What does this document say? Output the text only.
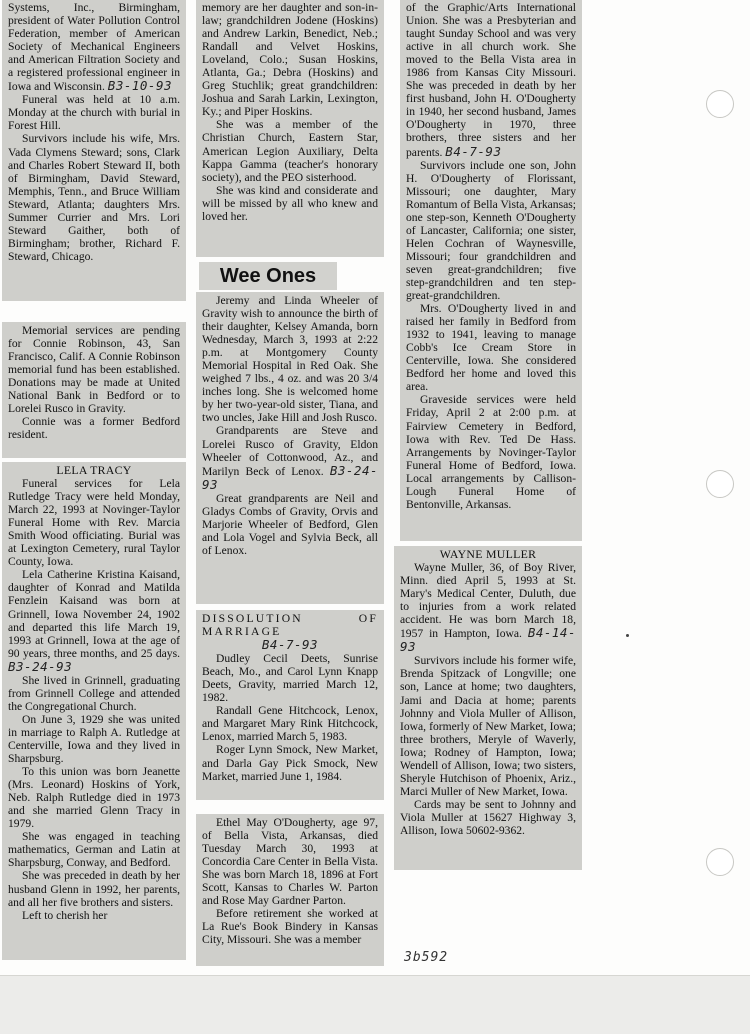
Systems, Inc., Birmingham, president of Water Pollution Control Federation, member of American Society of Mechanical Engineers and American Filtration Society and a registered professional engineer in Iowa and Wisconsin. B3-10-93

Funeral was held at 10 a.m. Monday at the church with burial in Forest Hill.

Survivors include his wife, Mrs. Vada Clymens Steward; sons, Clark and Charles Robert Steward II, both of Birmingham, David Steward, Memphis, Tenn., and Bruce William Steward, Atlanta; daughters Mrs. Summer Currier and Mrs. Lori Steward Gaither, both of Birmingham; brother, Richard F. Steward, Chicago.

Memorial services are pending for Connie Robinson, 43, San Francisco, Calif. A Connie Robinson memorial fund has been established. Donations may be made at United National Bank in Bedford or to Lorelei Rusco in Gravity.

Connie was a former Bedford resident.

LELA TRACY

Funeral services for Lela Rutledge Tracy were held Monday, March 22, 1993 at Novinger-Taylor Funeral Home with Rev. Marcia Smith Wood officiating. Burial was at Lexington Cemetery, rural Taylor County, Iowa.

Lela Catherine Kristina Kaisand, daughter of Konrad and Matilda Fenzlein Kaisand was born at Grinnell, Iowa November 24, 1902 and departed this life March 19, 1993 at Grinnell, Iowa at the age of 90 years, three months, and 25 days. B3-24-93

She lived in Grinnell, graduating from Grinnell College and attended the Congregational Church.

On June 3, 1929 she was united in marriage to Ralph A. Rutledge at Centerville, Iowa and they lived in Sharpsburg.

To this union was born Jeanette (Mrs. Leonard) Hoskins of York, Neb. Ralph Rutledge died in 1973 and she married Glenn Tracy in 1979.

She was engaged in teaching mathematics, German and Latin at Sharpsburg, Conway, and Bedford.

She was preceded in death by her husband Glenn in 1992, her parents, and all her five brothers and sisters.

Left to cherish her

memory are her daughter and son-in-law; grandchildren Jodene (Hoskins) and Andrew Larkin, Benedict, Neb.; Randall and Velvet Hoskins, Loveland, Colo.; Susan Hoskins, Atlanta, Ga.; Debra (Hoskins) and Greg Stuchlik; great grandchildren: Joshua and Sarah Larkin, Lexington, Ky.; and Piper Hoskins.

She was a member of the Christian Church, Eastern Star, American Legion Auxiliary, Delta Kappa Gamma (teacher's honorary society), and the PEO sisterhood.

She was kind and considerate and will be missed by all who knew and loved her.

Wee Ones

Jeremy and Linda Wheeler of Gravity wish to announce the birth of their daughter, Kelsey Amanda, born Wednesday, March 3, 1993 at 2:22 p.m. at Montgomery County Memorial Hospital in Red Oak. She weighed 7 lbs., 4 oz. and was 20 3/4 inches long. She is welcomed home by her two-year-old sister, Tiana, and two uncles, Jake Hill and Josh Rusco.

Grandparents are Steve and Lorelei Rusco of Gravity, Eldon Wheeler of Cottonwood, Az., and Marilyn Beck of Lenox. B3-24-93

Great grandparents are Neil and Gladys Combs of Gravity, Orvis and Marjorie Wheeler of Bedford, Glen and Lola Vogel and Sylvia Beck, all of Lenox.

DISSOLUTION OF MARRIAGE

B4-7-93

Dudley Cecil Deets, Sunrise Beach, Mo., and Carol Lynn Knapp Deets, Gravity, married March 12, 1982.

Randall Gene Hitchcock, Lenox, and Margaret Mary Rink Hitchcock, Lenox, married March 5, 1983.

Roger Lynn Smock, New Market, and Darla Gay Pick Smock, New Market, married June 1, 1984.

Ethel May O'Dougherty, age 97, of Bella Vista, Arkansas, died Tuesday March 30, 1993 at Concordia Care Center in Bella Vista. She was born March 18, 1896 at Fort Scott, Kansas to Charles W. Parton and Rose May Gardner Parton.

Before retirement she worked at La Rue's Book Bindery in Kansas City, Missouri. She was a member

of the Graphic/Arts International Union. She was a Presbyterian and taught Sunday School and was very active in all church work. She moved to the Bella Vista area in 1986 from Kansas City Missouri. She was preceded in death by her first husband, John H. O'Dougherty in 1940, her second husband, James O'Dougherty in 1970, three brothers, three sisters and her parents. B4-7-93

Survivors include one son, John H. O'Dougherty of Florissant, Missouri; one daughter, Mary Romantum of Bella Vista, Arkansas; one step-son, Kenneth O'Dougherty of Lancaster, California; one sister, Helen Cochran of Waynesville, Missouri; four grandchildren and seven great-grandchildren; five step-grandchildren and ten step-great-grandchildren.

Mrs. O'Dougherty lived in and raised her family in Bedford from 1932 to 1941, leaving to manage Cobb's Ice Cream Store in Centerville, Iowa. She considered Bedford her home and loved this area.

Graveside services were held Friday, April 2 at 2:00 p.m. at Fairview Cemetery in Bedford, Iowa with Rev. Ted De Hass. Arrangements by Novinger-Taylor Funeral Home of Bedford, Iowa. Local arrangements by Callison-Lough Funeral Home of Bentonville, Arkansas.

WAYNE MULLER

Wayne Muller, 36, of Boy River, Minn. died April 5, 1993 at St. Mary's Medical Center, Duluth, due to injuries from a work related accident. He was born March 18, 1957 in Hampton, Iowa. B4-14-93

Survivors include his former wife, Brenda Spitzack of Longville; one son, Lance at home; two daughters, Jami and Dacia at home; parents Johnny and Viola Muller of Allison, Iowa, formerly of New Market, Iowa; three brothers, Meryle of Waverly, Iowa; Rodney of Hampton, Iowa; Wendell of Allison, Iowa; two sisters, Sheryle Hutchison of Phoenix, Ariz., Marci Muller of New Market, Iowa.

Cards may be sent to Johnny and Viola Muller at 15627 Highway 3, Allison, Iowa 50602-9362.

3b592
